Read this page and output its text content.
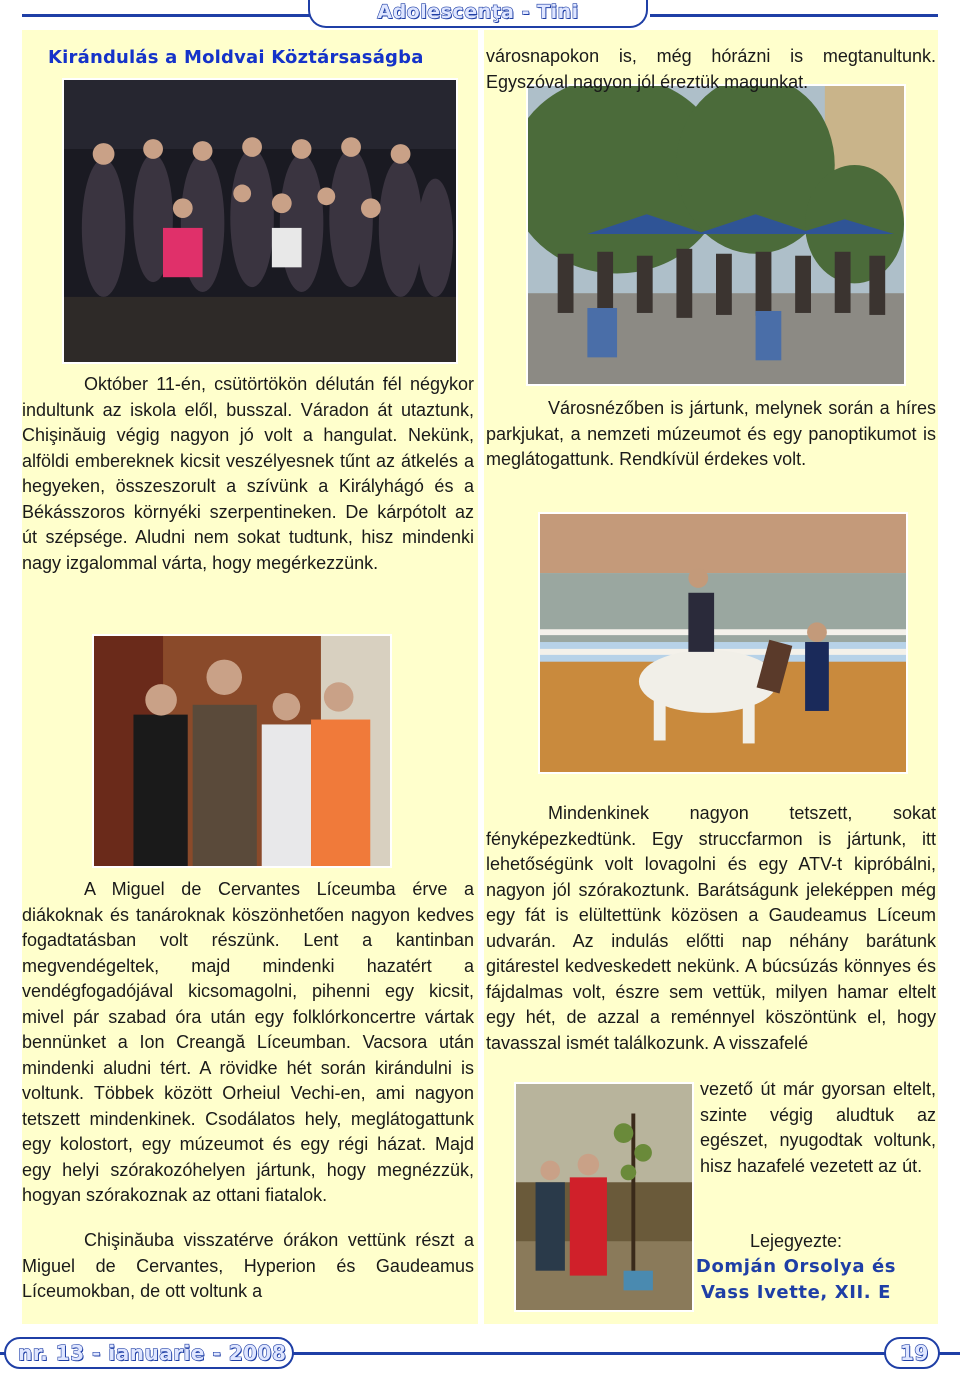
Adolescenţa - Tini
Kirándulás a Moldvai Köztársaságba

Október 11-én, csütörtökön délután fél négykor indultunk az iskola elől, busszal. Váradon át utaztunk, Chişinăuig végig nagyon jó volt a hangulat. Nekünk, alföldi embereknek kicsit veszélyesnek tűnt az átkelés a hegyeken, összeszorult a szívünk a Királyhágó és a Békásszoros környéki szerpentineken. De kárpótolt az út szépsége. Aludni nem sokat tudtunk, hisz mindenki nagy izgalommal várta, hogy megérkezzünk.

városnapokon is, még hórázni is megtanultunk. Egyszóval nagyon jól éreztük magunkat.

Városnézőben is jártunk, melynek során a híres parkjukat, a nemzeti múzeumot és egy panoptikumot is meglátogattunk. Rendkívül érdekes volt.

A Miguel de Cervantes Líceumba érve a diákoknak és tanároknak köszönhetően nagyon kedves fogadtatásban volt részünk. Lent a kantinban megvendégeltek, majd mindenki hazatért a vendégfogadójával kicsomagolni, pihenni egy kicsit, mivel pár szabad óra után egy folklórkoncertre vártak bennünket a Ion Creangă Líceumban. Vacsora után mindenki aludni tért. A rövidke hét során kirándulni is voltunk. Többek között Orheiul Vechi-en, ami nagyon tetszett mindenkinek. Csodálatos hely, meglátogattunk egy kolostort, egy múzeumot és egy régi házat. Majd egy helyi szórakozóhelyen jártunk, hogy megnézzük, hogyan szórakoznak az ottani fiatalok.

Chişinăuba visszatérve órákon vettünk részt a Miguel de Cervantes, Hyperion és Gaudeamus Líceumokban, de ott voltunk a

Mindenkinek nagyon tetszett, sokat fényképezkedtünk. Egy struccfarmon is jártunk, itt lehetőségünk volt lovagolni és egy ATV-t kipróbálni, nagyon jól szórakoztunk. Barátságunk jeleképpen még egy fát is elültettünk közösen a Gaudeamus Líceum udvarán. Az indulás előtti nap néhány barátunk gitárestel kedveskedett nekünk. A búcsúzás könnyes és fájdalmas volt, észre sem vettük, milyen hamar eltelt egy hét, de azzal a reménnyel köszöntünk el, hogy tavasszal ismét találkozunk. A visszafelé

vezető út már gyorsan eltelt, szinte végig aludtuk az egészet, nyugodtak voltunk, hisz hazafelé vezetett az út.

Lejegyezte:
Domján Orsolya és Vass Ivette, XII. E
nr. 13 - ianuarie - 2008	19
